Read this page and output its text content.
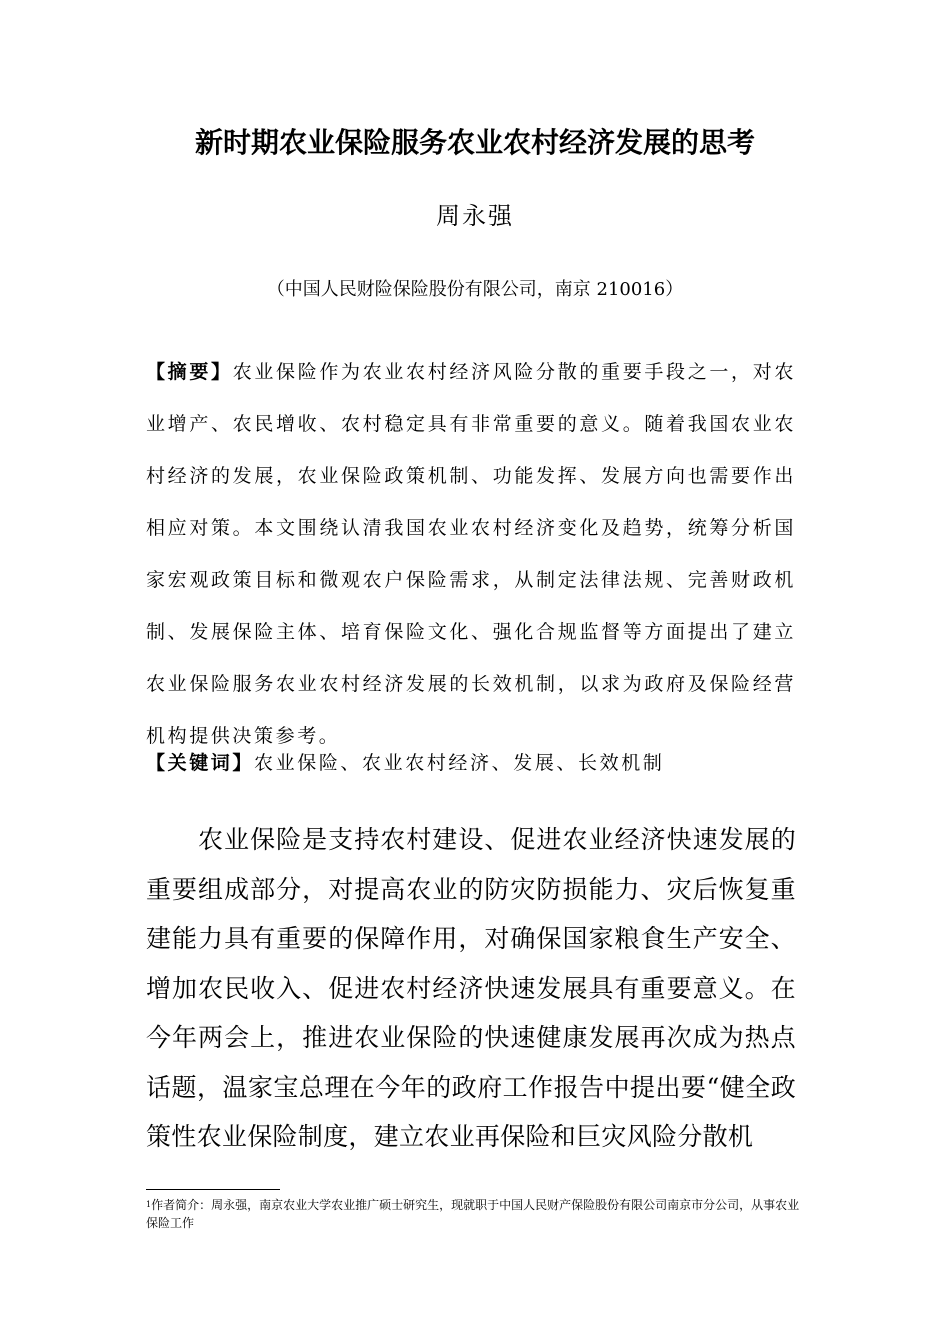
新时期农业保险服务农业农村经济发展的思考
周永强
（中国人民财险保险股份有限公司，南京 210016）

【摘要】农业保险作为农业农村经济风险分散的重要手段之一，对农业增产、农民增收、农村稳定具有非常重要的意义。随着我国农业农村经济的发展，农业保险政策机制、功能发挥、发展方向也需要作出相应对策。本文围绕认清我国农业农村经济变化及趋势，统筹分析国家宏观政策目标和微观农户保险需求，从制定法律法规、完善财政机制、发展保险主体、培育保险文化、强化合规监督等方面提出了建立农业保险服务农业农村经济发展的长效机制，以求为政府及保险经营机构提供决策参考。

【关键词】农业保险、农业农村经济、发展、长效机制

农业保险是支持农村建设、促进农业经济快速发展的重要组成部分，对提高农业的防灾防损能力、灾后恢复重建能力具有重要的保障作用，对确保国家粮食生产安全、增加农民收入、促进农村经济快速发展具有重要意义。在今年两会上，推进农业保险的快速健康发展再次成为热点话题，温家宝总理在今年的政府工作报告中提出要“健全政策性农业保险制度，建立农业再保险和巨灾风险分散机

$^1$作者简介：周永强，南京农业大学农业推广硕士研究生，现就职于中国人民财产保险股份有限公司南京市分公司，从事农业保险工作
